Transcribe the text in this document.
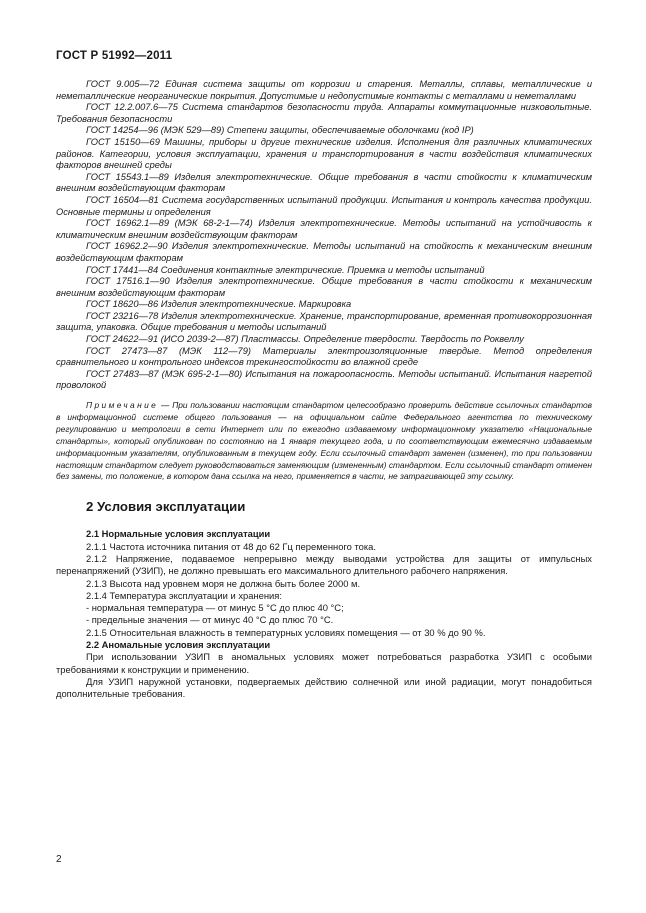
ГОСТ Р 51992—2011

ГОСТ 9.005—72 Единая система защиты от коррозии и старения. Металлы, сплавы, металлические и неметаллические неорганические покрытия. Допустимые и недопустимые контакты с металлами и неметаллами

ГОСТ 12.2.007.6—75 Система стандартов безопасности труда. Аппараты коммутационные низковольтные. Требования безопасности

ГОСТ 14254—96 (МЭК 529—89) Степени защиты, обеспечиваемые оболочками (код IP)

ГОСТ 15150—69 Машины, приборы и другие технические изделия. Исполнения для различных климатических районов. Категории, условия эксплуатации, хранения и транспортирования в части воздействия климатических факторов внешней среды

ГОСТ 15543.1—89 Изделия электротехнические. Общие требования в части стойкости к климатическим внешним воздействующим факторам

ГОСТ 16504—81 Система государственных испытаний продукции. Испытания и контроль качества продукции. Основные термины и определения

ГОСТ 16962.1—89 (МЭК 68-2-1—74) Изделия электротехнические. Методы испытаний на устойчивость к климатическим внешним воздействующим факторам

ГОСТ 16962.2—90 Изделия электротехнические. Методы испытаний на стойкость к механическим внешним воздействующим факторам

ГОСТ 17441—84 Соединения контактные электрические. Приемка и методы испытаний

ГОСТ 17516.1—90 Изделия электротехнические. Общие требования в части стойкости к механическим внешним воздействующим факторам

ГОСТ 18620—86 Изделия электротехнические. Маркировка

ГОСТ 23216—78 Изделия электротехнические. Хранение, транспортирование, временная противокоррозионная защита, упаковка. Общие требования и методы испытаний

ГОСТ 24622—91 (ИСО 2039-2—87) Пластмассы. Определение твердости. Твердость по Роквеллу

ГОСТ 27473—87 (МЭК 112—79) Материалы электроизоляционные твердые. Метод определения сравнительного и контрольного индексов трекингостойкости во влажной среде

ГОСТ 27483—87 (МЭК 695-2-1—80) Испытания на пожароопасность. Методы испытаний. Испытания нагретой проволокой

Примечание — При пользовании настоящим стандартом целесообразно проверить действие ссылочных стандартов в информационной системе общего пользования — на официальном сайте Федерального агентства по техническому регулированию и метрологии в сети Интернет или по ежегодно издаваемому информационному указателю «Национальные стандарты», который опубликован по состоянию на 1 января текущего года, и по соответствующим ежемесячно издаваемым информационным указателям, опубликованным в текущем году. Если ссылочный стандарт заменен (изменен), то при пользовании настоящим стандартом следует руководствоваться заменяющим (измененным) стандартом. Если ссылочный стандарт отменен без замены, то положение, в котором дана ссылка на него, применяется в части, не затрагивающей эту ссылку.
2 Условия эксплуатации

2.1 Нормальные условия эксплуатации

2.1.1 Частота источника питания от 48 до 62 Гц переменного тока.

2.1.2 Напряжение, подаваемое непрерывно между выводами устройства для защиты от импульсных перенапряжений (УЗИП), не должно превышать его максимального длительного рабочего напряжения.

2.1.3 Высота над уровнем моря не должна быть более 2000 м.

2.1.4 Температура эксплуатации и хранения:

- нормальная температура — от минус 5 °С до плюс 40 °С;

- предельные значения — от минус 40 °С до плюс 70 °С.

2.1.5 Относительная влажность в температурных условиях помещения — от 30 % до 90 %.

2.2 Аномальные условия эксплуатации

При использовании УЗИП в аномальных условиях может потребоваться разработка УЗИП с особыми требованиями к конструкции и применению.

Для УЗИП наружной установки, подвергаемых действию солнечной или иной радиации, могут понадобиться дополнительные требования.

2
